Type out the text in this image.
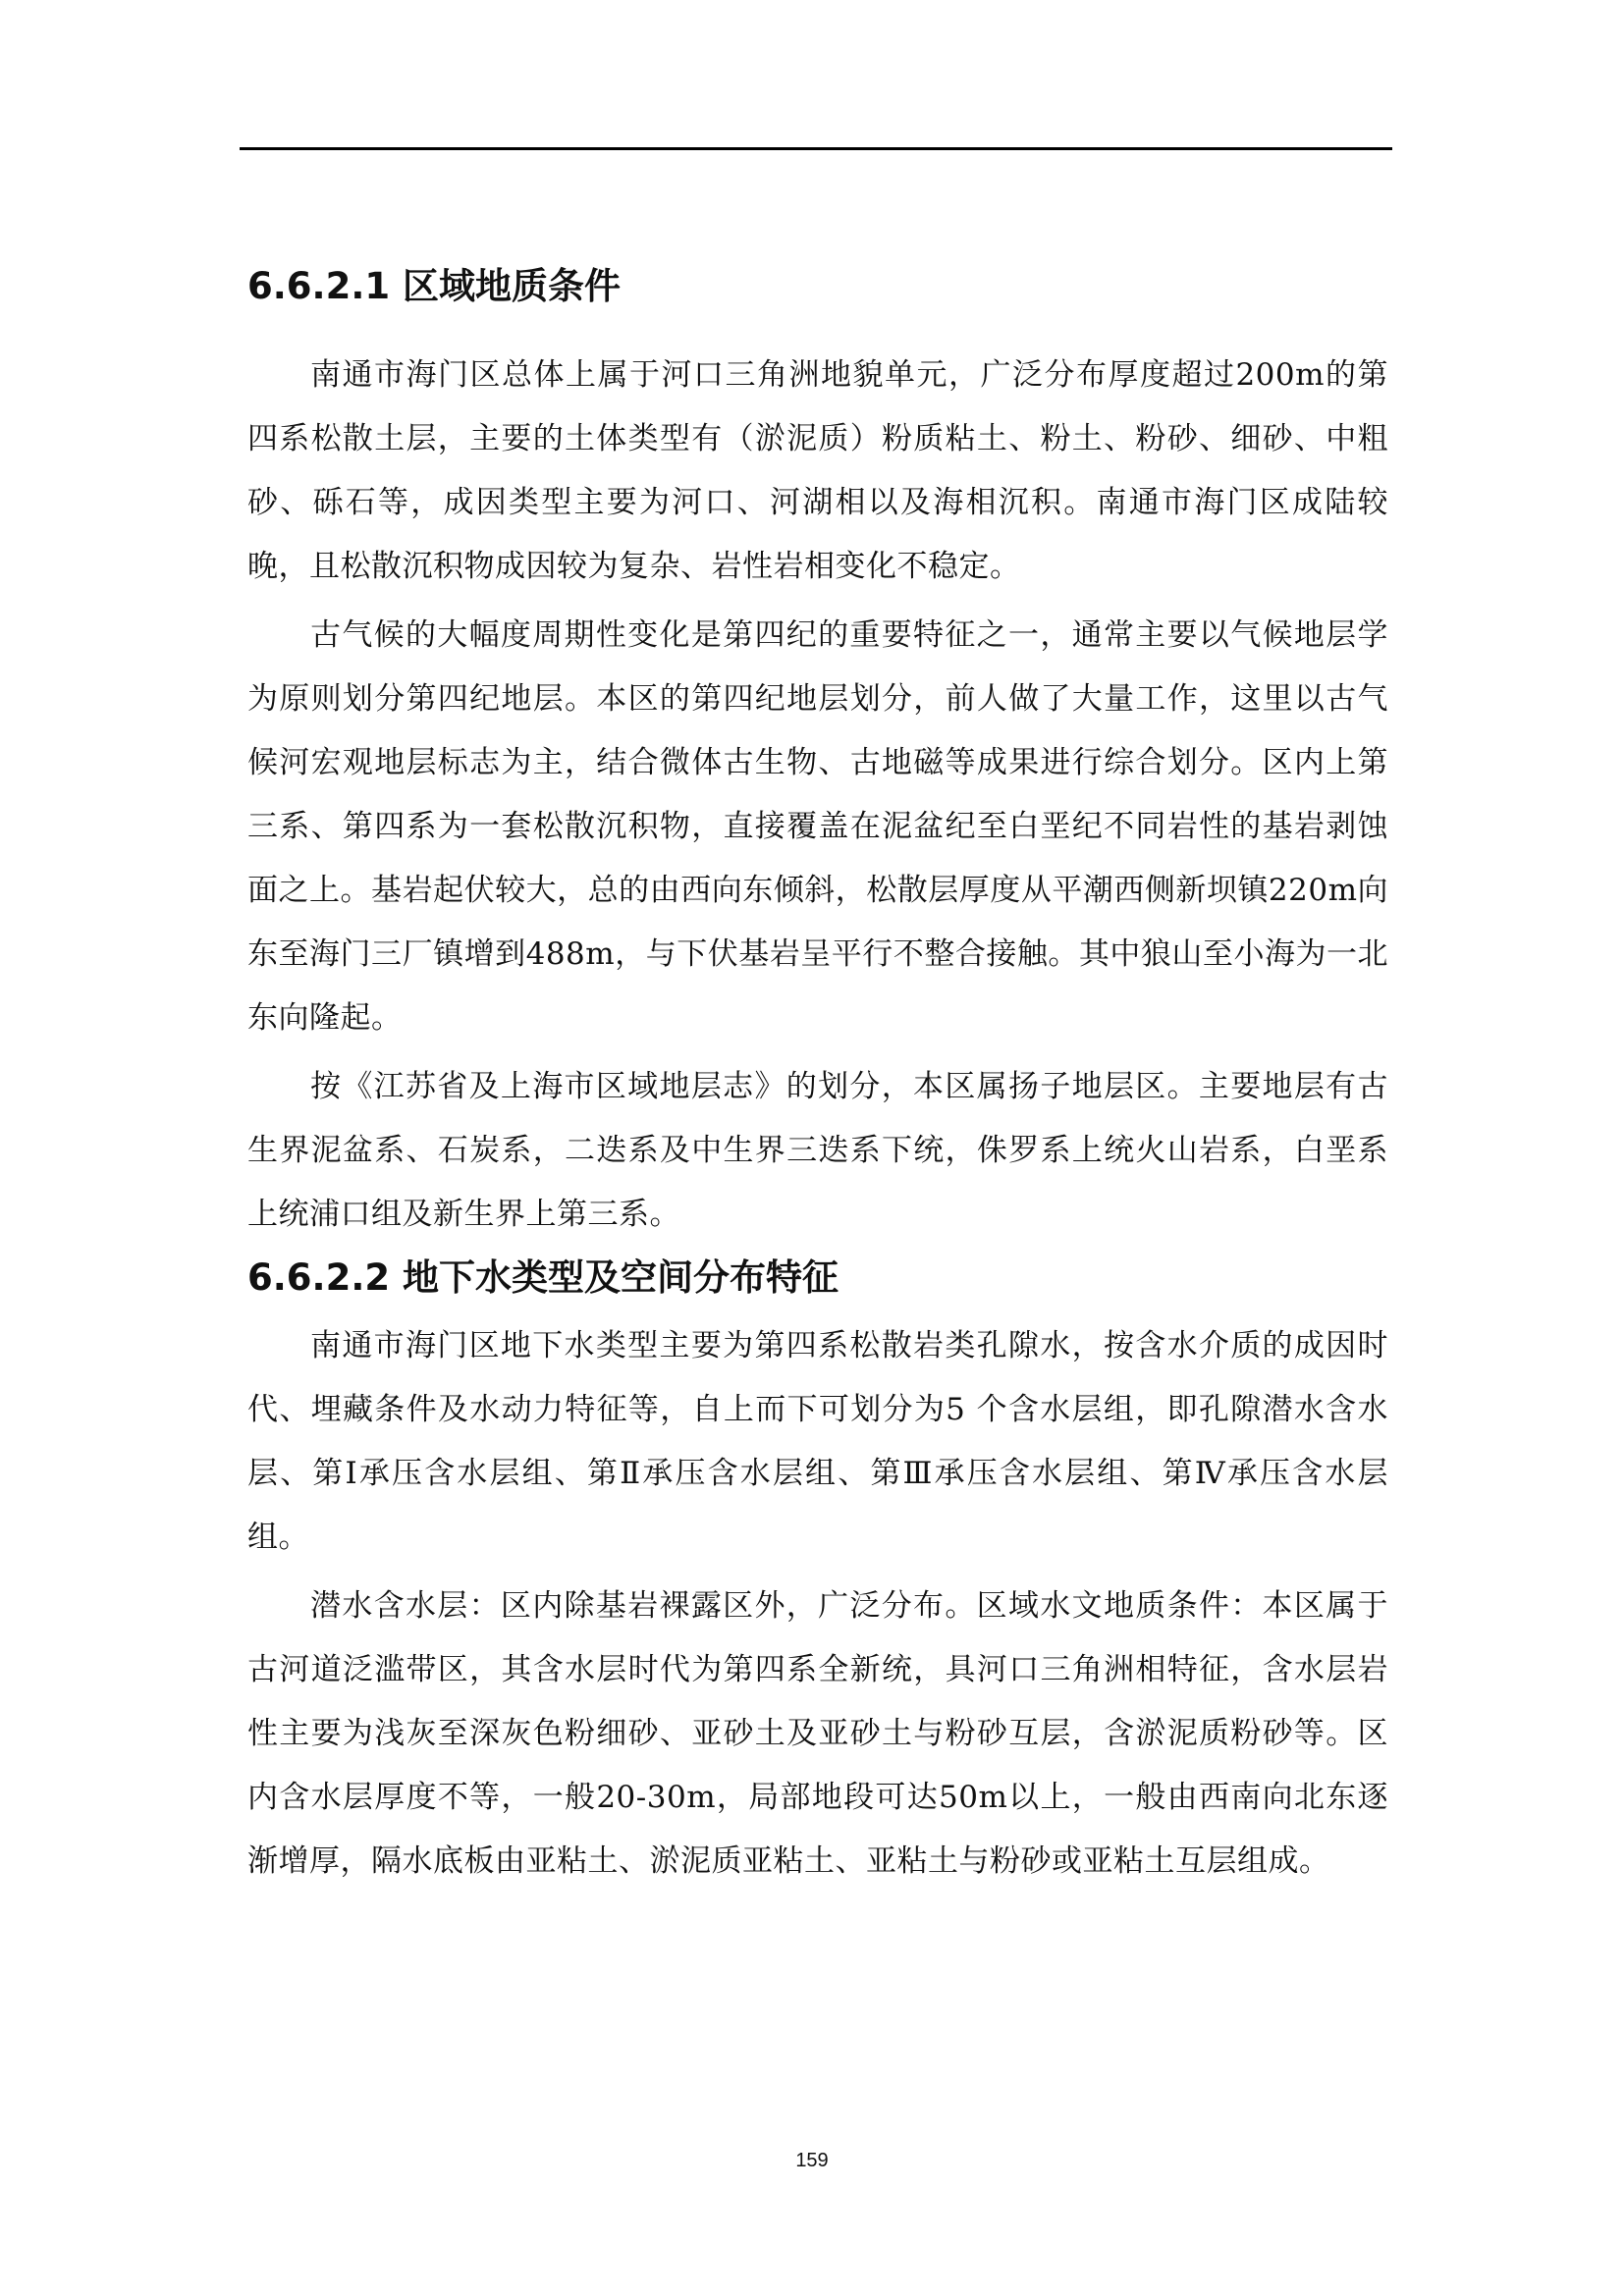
6.6.2.1 区域地质条件

南通市海门区总体上属于河口三角洲地貌单元，广泛分布厚度超过200m的第四系松散土层，主要的土体类型有（淤泥质）粉质粘土、粉土、粉砂、细砂、中粗砂、砾石等，成因类型主要为河口、河湖相以及海相沉积。南通市海门区成陆较晚，且松散沉积物成因较为复杂、岩性岩相变化不稳定。

古气候的大幅度周期性变化是第四纪的重要特征之一，通常主要以气候地层学为原则划分第四纪地层。本区的第四纪地层划分，前人做了大量工作，这里以古气候河宏观地层标志为主，结合微体古生物、古地磁等成果进行综合划分。区内上第三系、第四系为一套松散沉积物，直接覆盖在泥盆纪至白垩纪不同岩性的基岩剥蚀面之上。基岩起伏较大，总的由西向东倾斜，松散层厚度从平潮西侧新坝镇220m向东至海门三厂镇增到488m，与下伏基岩呈平行不整合接触。其中狼山至小海为一北东向隆起。

按《江苏省及上海市区域地层志》的划分，本区属扬子地层区。主要地层有古生界泥盆系、石炭系，二迭系及中生界三迭系下统，侏罗系上统火山岩系，白垩系上统浦口组及新生界上第三系。

6.6.2.2 地下水类型及空间分布特征

南通市海门区地下水类型主要为第四系松散岩类孔隙水，按含水介质的成因时代、埋藏条件及水动力特征等，自上而下可划分为5 个含水层组，即孔隙潜水含水层、第Ⅰ承压含水层组、第Ⅱ承压含水层组、第Ⅲ承压含水层组、第Ⅳ承压含水层组。

潜水含水层：区内除基岩裸露区外，广泛分布。区域水文地质条件：本区属于古河道泛滥带区，其含水层时代为第四系全新统，具河口三角洲相特征，含水层岩性主要为浅灰至深灰色粉细砂、亚砂土及亚砂土与粉砂互层，含淤泥质粉砂等。区内含水层厚度不等，一般20-30m，局部地段可达50m以上，一般由西南向北东逐渐增厚，隔水底板由亚粘土、淤泥质亚粘土、亚粘土与粉砂或亚粘土互层组成。

159
